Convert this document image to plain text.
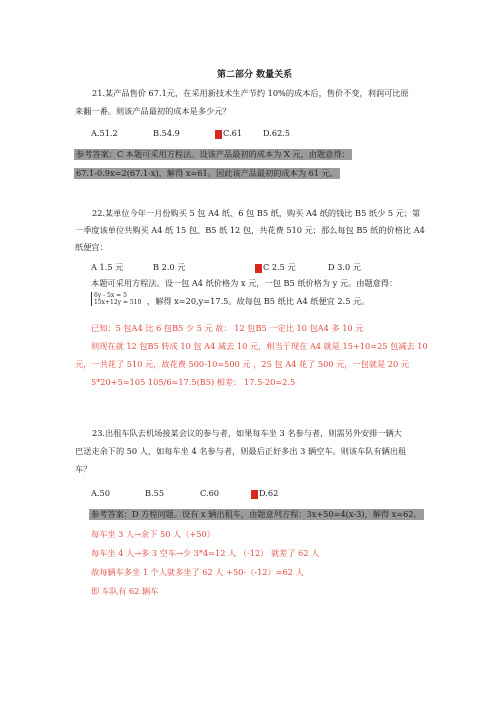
第二部分 数量关系
21.某产品售价 67.1元，在采用新技术生产节约 10%的成本后，售价不变，利润可比原
来翻一番。则该产品最初的成本是多少元？
A.51.2	B.54.9	C.61	D.62.5
参考答案：C 本题可采用方程法。设该产品最初的成本为 X 元，由题意得：
67.1-0.9x=2(67.1-x)，解得 x=61。因此该产品最初的成本为 61 元。
22.某单位今年一月份购买 5 包 A4 纸、6 包 B5 纸，购买 A4 纸的钱比 B5 纸少 5 元；第
一季度该单位共购买 A4 纸 15 包、B5 纸 12 包，共花费 510 元；那么每包 B5 纸的价格比 A4
纸便宜：
A 1.5 元	B 2.0 元	C 2.5 元	D 3.0 元
本题可采用方程法。设一包 A4 纸价格为 x 元，一包 B5 纸价格为 y 元。由题意得：
6y - 5x = 5
15x+12y = 510 ，解得 x=20,y=17.5。故每包 B5 纸比 A4 纸便宜 2.5 元。
已知：5 包A4 比 6 包B5 少 5 元 故： 12 包B5 一定比 10 包A4 多 10 元
则现在就 12 包B5 转成 10 包 A4 减去 10 元，相当于现在 A4 就是 15+10=25 包减去 10
元，一共花了 510 元，故花费 500-10=500 元 ，25 包 A4 花了 500 元，一包就是 20 元
5*20+5=105 105/6=17.5(B5) 相差： 17.5-20=2.5
23.出租车队去机场接某会议的参与者，如果每车坐 3 名参与者，则需另外安排一辆大
巴送走余下的 50 人，如每车坐 4 名参与者，则最后正好多出 3 辆空车。则该车队有辆出租
车？
A.50	B.55	C.60	D.62
参考答案：D 方程问题。设有 x 辆出租车，由题意列方程：3x+50=4(x-3)，解得 x=62。
每车坐 3 人→余下 50 人（+50）
每车坐 4 人→多 3 空车→少 3*4=12 人 （-12） 就差了 62 人
故每辆车多坐 1 个人就多坐了 62 人 +50-（-12）=62 人
即 车队有 62 辆车
